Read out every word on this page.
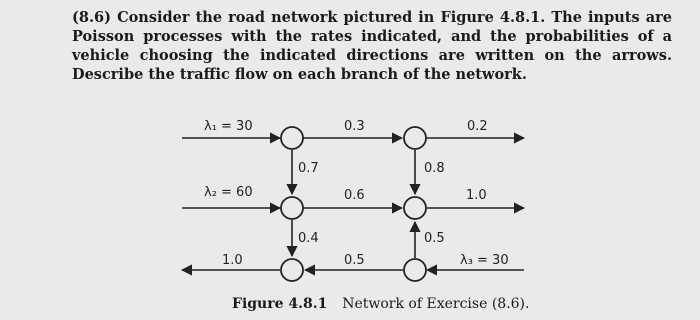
(8.6) Consider the road network pictured in Figure 4.8.1. The inputs are Poisson processes with the rates indicated, and the probabilities of a vehicle choosing the indicated directions are written on the arrows. Describe the traffic flow on each branch of the network.
λ₁ = 30
λ₂ = 60
λ₃ = 30
0.3	0.2
0.7	0.8
0.6	1.0
0.4	0.5
1.0	0.5
Figure 4.8.1 Network of Exercise (8.6).
